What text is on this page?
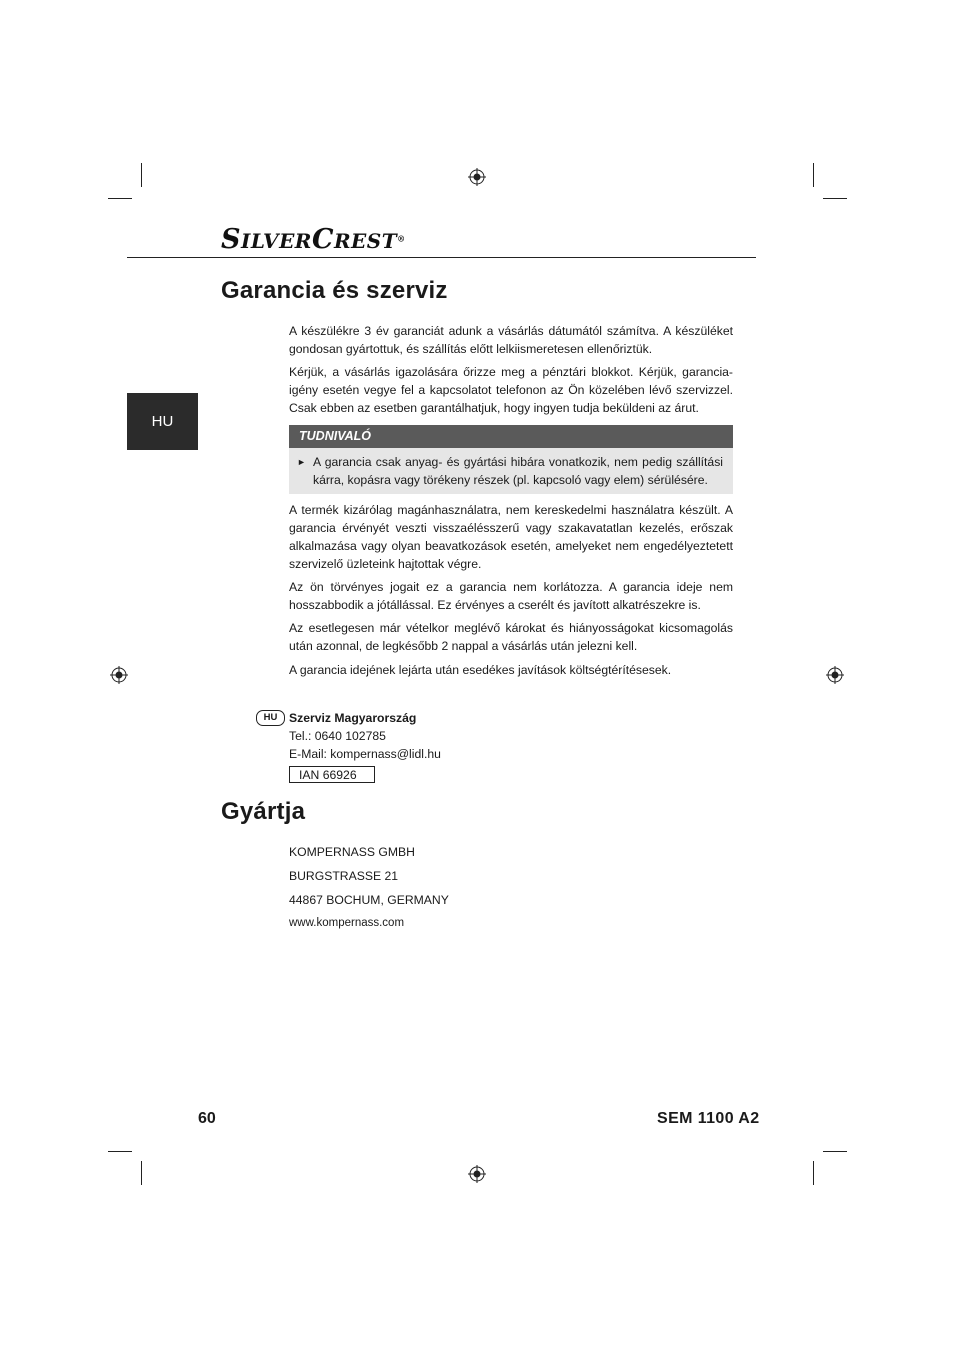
SILVERCREST®
Garancia és szerviz
HU

A készülékre 3 év garanciát adunk a vásárlás dátumától számítva. A készüléket gondosan gyártottuk, és szállítás előtt lelkiismeretesen ellenőriztük.

Kérjük, a vásárlás igazolására őrizze meg a pénztári blokkot. Kérjük, garancia-igény esetén vegye fel a kapcsolatot telefonon az Ön közelében lévő szervizzel. Csak ebben az esetben garantálhatjuk, hogy ingyen tudja beküldeni az árut.

TUDNIVALÓ
► A garancia csak anyag- és gyártási hibára vonatkozik, nem pedig szállítási kárra, kopásra vagy törékeny részek (pl. kapcsoló vagy elem) sérülésére.

A termék kizárólag magánhasználatra, nem kereskedelmi használatra készült. A garancia érvényét veszti visszaélésszerű vagy szakavatatlan kezelés, erőszak alkalmazása vagy olyan beavatkozások esetén, amelyeket nem engedélyeztetett szervizelő üzleteink hajtottak végre.

Az ön törvényes jogait ez a garancia nem korlátozza. A garancia ideje nem hosszabbodik a jótállással. Ez érvényes a cserélt és javított alkatrészekre is.

Az esetlegesen már vételkor meglévő károkat és hiányosságokat kicsomagolás után azonnal, de legkésőbb 2 nappal a vásárlás után jelezni kell.

A garancia idejének lejárta után esedékes javítások költségtérítésesek.

HU Szerviz Magyarország
Tel.: 0640 102785
E-Mail: kompernass@lidl.hu
IAN 66926
Gyártja
KOMPERNASS GMBH
BURGSTRASSE 21
44867 BOCHUM, GERMANY
www.kompernass.com
60	SEM 1100 A2
